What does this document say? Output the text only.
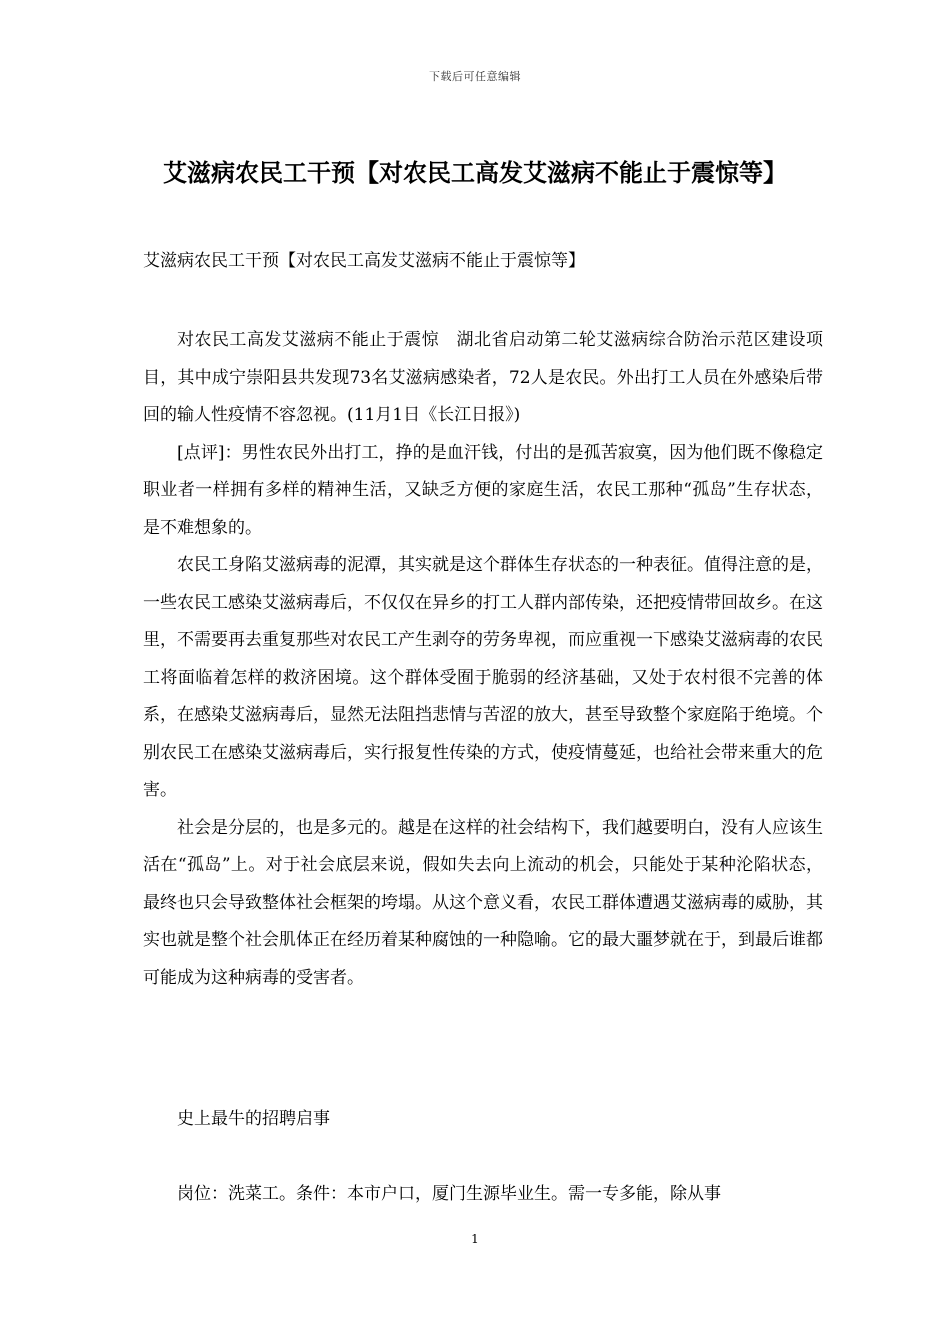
下载后可任意编辑
艾滋病农民工干预【对农民工高发艾滋病不能止于震惊等】
艾滋病农民工干预【对农民工高发艾滋病不能止于震惊等】

对农民工高发艾滋病不能止于震惊　湖北省启动第二轮艾滋病综合防治示范区建设项目，其中成宁崇阳县共发现73名艾滋病感染者，72人是农民。外出打工人员在外感染后带回的输人性疫情不容忽视。(11月1日《长江日报》)

[点评]：男性农民外出打工，挣的是血汗钱，付出的是孤苦寂寞，因为他们既不像稳定职业者一样拥有多样的精神生活，又缺乏方便的家庭生活，农民工那种“孤岛”生存状态，是不难想象的。

农民工身陷艾滋病毒的泥潭，其实就是这个群体生存状态的一种表征。值得注意的是，一些农民工感染艾滋病毒后，不仅仅在异乡的打工人群内部传染，还把疫情带回故乡。在这里，不需要再去重复那些对农民工产生剥夺的劳务卑视，而应重视一下感染艾滋病毒的农民工将面临着怎样的救济困境。这个群体受囿于脆弱的经济基础，又处于农村很不完善的体系，在感染艾滋病毒后，显然无法阻挡悲情与苦涩的放大，甚至导致整个家庭陷于绝境。个别农民工在感染艾滋病毒后，实行报复性传染的方式，使疫情蔓延，也给社会带来重大的危害。

社会是分层的，也是多元的。越是在这样的社会结构下，我们越要明白，没有人应该生活在“孤岛”上。对于社会底层来说，假如失去向上流动的机会，只能处于某种沦陷状态，最终也只会导致整体社会框架的垮塌。从这个意义看，农民工群体遭遇艾滋病毒的威胁，其实也就是整个社会肌体正在经历着某种腐蚀的一种隐喻。它的最大噩梦就在于，到最后谁都可能成为这种病毒的受害者。

史上最牛的招聘启事
岗位：洗菜工。条件：本市户口，厦门生源毕业生。需一专多能，除从事
1
